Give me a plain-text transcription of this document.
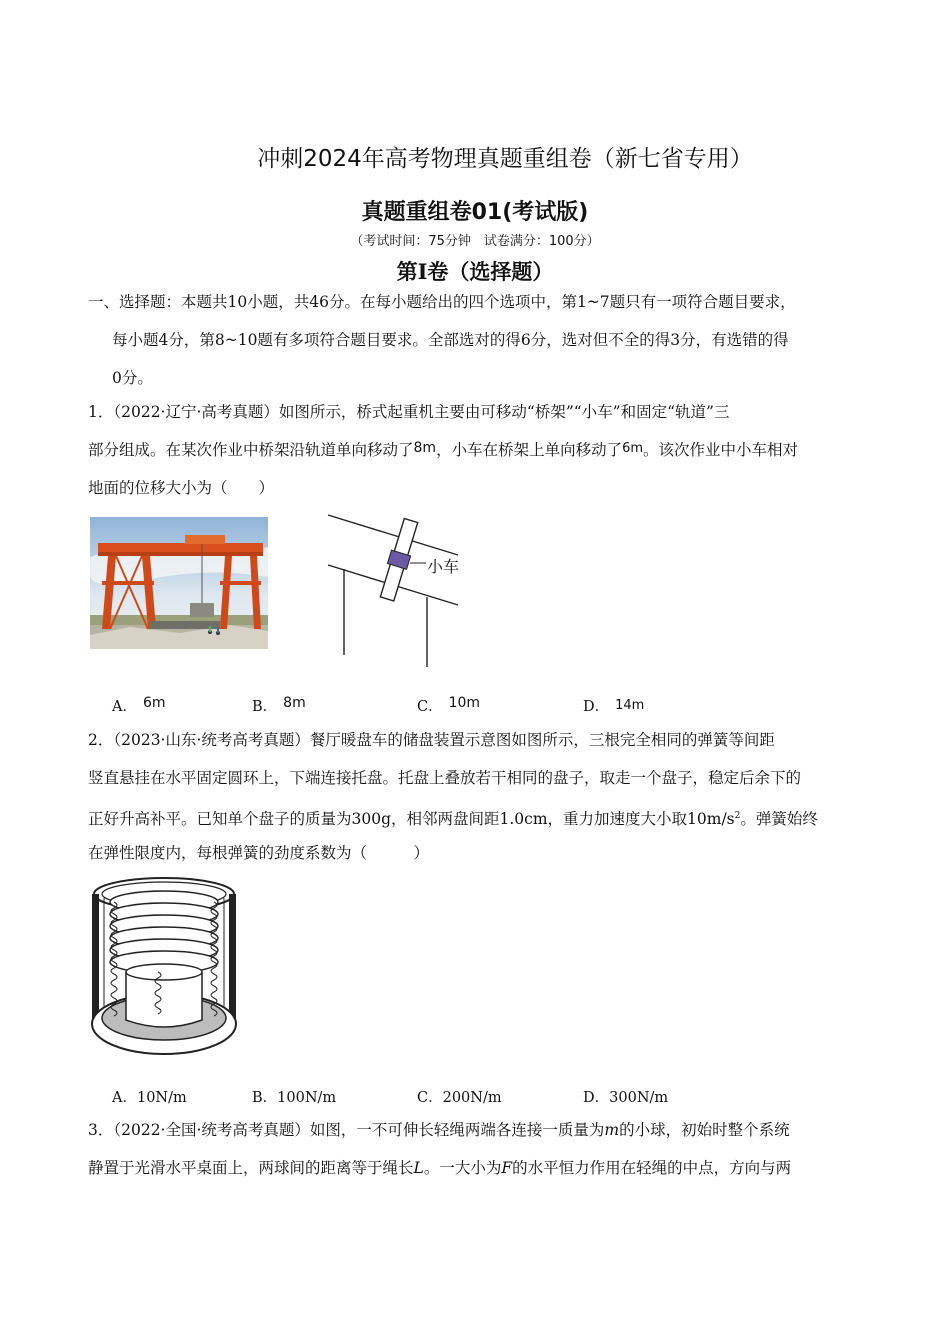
冲刺2024年高考物理真题重组卷（新七省专用）
真题重组卷01(考试版)
（考试时间：75分钟　试卷满分：100分）
第I卷（选择题）
一、选择题：本题共10小题，共46分。在每小题给出的四个选项中，第1~7题只有一项符合题目要求，
每小题4分，第8~10题有多项符合题目要求。全部选对的得6分，选对但不全的得3分，有选错的得
0分。
1．（2022·辽宁·高考真题）如图所示，桥式起重机主要由可移动“桥架”“小车”和固定“轨道”三
部分组成。在某次作业中桥架沿轨道单向移动了8m，小车在桥架上单向移动了6m。该次作业中小车相对
地面的位移大小为（　　）
小车
A． 6m	B． 8m	C． 10m	D． 14m
2．（2023·山东·统考高考真题）餐厅暖盘车的储盘装置示意图如图所示，三根完全相同的弹簧等间距
竖直悬挂在水平固定圆环上，下端连接托盘。托盘上叠放若干相同的盘子，取走一个盘子，稳定后余下的
正好升高补平。已知单个盘子的质量为300g，相邻两盘间距1.0cm，重力加速度大小取$10m/s^2$。弹簧始终
在弹性限度内，每根弹簧的劲度系数为（　　　）
A．10N/m	B．100N/m	C．200N/m	D．300N/m
3．（2022·全国·统考高考真题）如图，一不可伸长轻绳两端各连接一质量为m的小球，初始时整个系统
静置于光滑水平桌面上，两球间的距离等于绳长L。一大小为F的水平恒力作用在轻绳的中点，方向与两
